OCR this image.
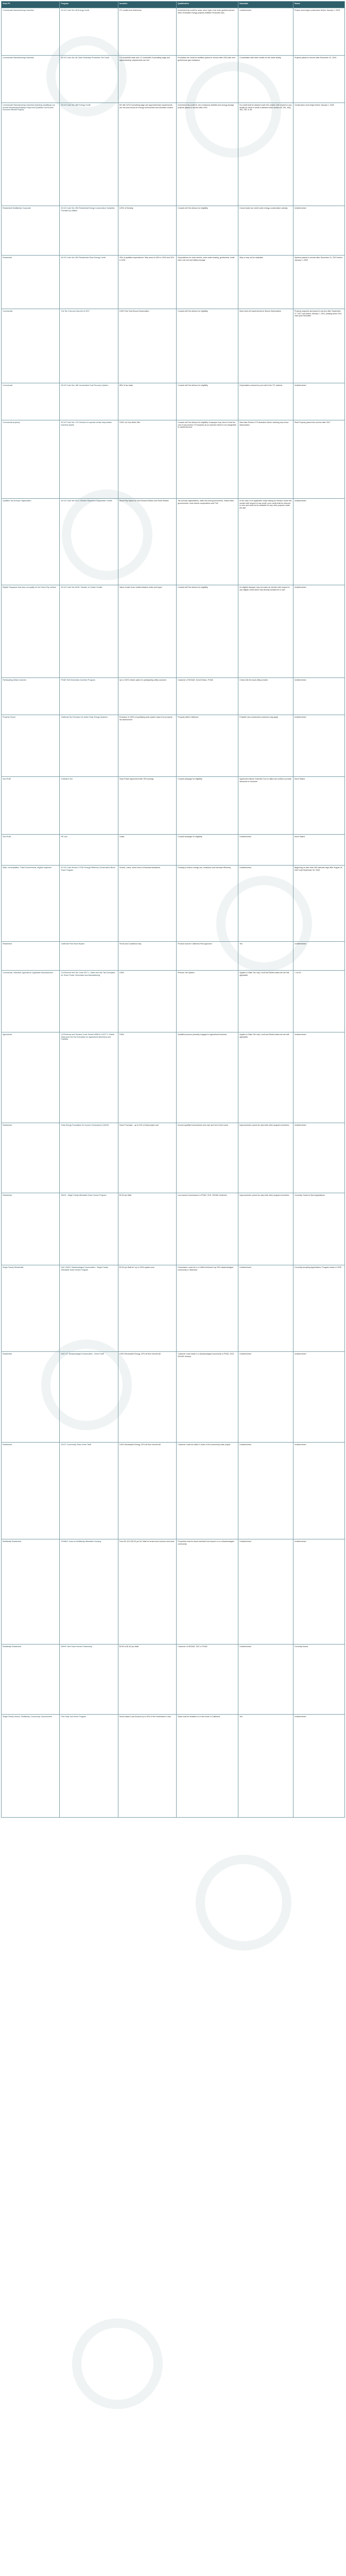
Solar PV	Program	Incentive	Qualification	Stackable	Status
Commercial/ Manufacturing/ Industrial	26 US Code Sec 48 Energy Credit	ITC credits from federal tax	Investment tax credit for solar, wind, hydro, fuel cells, geothermal and other renewable energy projects (Inflation Reduction Act)	Undetermined	Project must begin construction before January 1, 2025
Commercial/ Manufacturing/ Industrial	26 US Code Sec 48 Clean Electricity Production Tax Credit	2.5 cents/kWh base and 1.2 cents/kWh if prevailing wage and apprenticeship requirements are met	Production tax credit for facilities placed in service after 2024 with zero greenhouse gas emissions	Coordination with other credits for the same facility	Projects placed in service after December 31, 2024
Commercial/ Manufacturing/ Industrial (Including Qualifying Low Income Residential Building Project and Qualified Low Income Economic Benefit Project)	26 US Code Sec 48E Energy Credit	6% with 24% if prevailing wage and apprenticeship requirements are met plus bonus for energy communities and domestic content	Investment tax credit for zero-emissions facilities and energy storage projects placed in service after 2024	No credit shall be allowed under this section with respect to any facility for which a credit is allowed under section 45, 45J, 45Q, 45U, 45Y or 48	Construction must begin before January 1, 2025
Residential/ Multifamily/ Corporate	26 US Code Sec 25D Residential Energy Conservation Subsidies Provided by Utilities	100% of Subsidy	Consult with Tax Advisor for eligibility	Cannot claim tax credit under energy conservation subsidy	Undetermined
Residential	26 US Code Sec 25D Residential Clean Energy Credit	30% of qualified expenditures. Step down to 26% in 2033 and 22% in 2034	Expenditures for solar electric, solar water heating, geothermal, small wind, fuel cell and battery storage	May or may not be stackable	Systems placed in service after December 31, 2021 before January 1, 2035
Commercial	The Tax Cuts and Jobs Act of 2017	100% First Year Bonus Depreciation	Consult with Tax Advisor for eligibility	Must meet all requirements for Bonus Depreciation	Property acquired and placed in service after September 27, 2017 and before January 1, 2023, phasing down 20% each year thereafter
Commercial	26 US Code Sec 168: Accelerated Cost Recovery System	85% of tax basis	Consult with Tax Advisor for eligibility	Depreciation reduced by one-half of the ITC claimed	Undetermined
Commercial property	26 US Code Sec 179: Election to expense certain depreciable business assets	100% 1st Year Write-Offs	Consult with Tax Advisor for eligibility. A taxpayer may elect to treat the cost of any section 179 property as an expense which is not chargeable to capital account	Must take Section 179 deduction before claiming any bonus depreciation	Real Property placed into service after 2017
Qualified Tax-Exempt Organization	26 US Code Sec 6417: Elective Payment of Applicable Credits	Direct Pay Option for Tax-Exempt Entities and Public Bodies	Tax-exempt organizations, state and local governments, Indian tribal governments, rural electric cooperatives and TVA	In the case of an applicable entity making an election under this section with respect to any credit, such credit shall be reduced to zero and shall not be available for any other purpose under this title	Undetermined
Eligible Taxpayers that does not qualify for the Direct Pay method	26 US Code Sec 6418: Transfer of Certain Credits	Value of sale of tax credits between seller and buyer	Consult with Tax Advisor for eligibility	An eligible taxpayer may not make an election with respect to any eligible credit which was already transferred or sold	Undetermined
Participating Utility Customer	PG&E Self-Generation Incentive Program	Up to 100% rebate option for participating utility customer	Customer of SDG&E, SoCal Edison, PG&E	Check with the local utility provider	Undetermined
Property Owner	California Tax Exclusion for Active Solar Energy Systems	Exclusion of 100% of qualifying solar system value from property tax assessment	Property within California	Possible new construction exclusion may apply	Undetermined
Non-Profit	Collective Sun	Solar Power Agreement with 15% savings	Consult webpage for eligibility	Agreement allows Collective Sun to utilize tax credits to provide discounts to customer	None Stated
Non-Profit	RE-volv	Lease	Consult webpage for eligibility	Undetermined	None Stated
State, municipalities, Tribal Governments, eligible recipients	42 US Code Section 17155: Energy Efficiency Conservation Block Grant Program	Grants, Loans, some forms of financial assistance	Funding to reduce energy use, emissions and increase efficiency	Undetermined	Beginning no later than 180 calendar days after August 16, 2022 until September 30, 2026
Residential	California First Home Buyers	Terms and Conditions Vary	Product must be California First approved	Yes	Undetermined
Commercial, Industrial, Agricultural, Applicable Manufacturers	CA Revenue and Tax Code 6377.1: Sales and Use Tax Exemption for Green Power Generation and Manufacturing	100%	Pheonix Tax System	Applies to State Tax only. Local and District sales tax are still applicable	1 Jul 30
Agricultural	CA Revenue and Taxation Code Section 6356.5 & 6377.1: Partial Sales and Use Tax Exemption for Agricultural Machinery and Facilities	100%	Qualified persons primarily engaged in agricultural business	Applies to State Tax only. Local and District sales tax are still applicable	Undetermined
Residential	Solar Energy Foundation for Income Homeowners (SASH)	Home Purchase - up to 10% of total project cost	Income-qualified homeowners who own and live in their home	Improvements cannot be used with other program incentives	Undetermined
Residential	SASH - Single Family Affordable Solar Homes Program	$3.00 per Watt	Low-income homeowners in PG&E, SCE, SDG&E territories	Improvements cannot be used with other program incentives	Currently Closed to New Applications
Single Family Residential	DAC-SASH: Disadvantaged Communities - Single-Family Affordable Solar Homes Program	$3.00 per Watt AC up to 100% system size	Homeowner must live in a CalEnviroScreen top 25% disadvantaged community or tribal land	Undetermined	Currently Accepting Applications, Program closes in 2030
Residential	DAC-GT: Disadvantaged Communities - Green Tariff	100% Renewable Energy, 20% off their electric bill	Customer must reside in a disadvantaged community in PG&E, SCE, SDG&E territory	Undetermined	Undetermined
Residential	SCGT: Community Solar Green Tariff	100% Renewable Energy, 20% off their electric bill	Customer must live within 5 miles of the community solar project	Undetermined	Undetermined
Multifamily Residential	SOMAH: Solar on Multifamily Affordable Housing	From $1.10 to $3.20 per AC Watt for tenant and common area load	Properties must be deed-restricted low-income or in a disadvantaged community	Undetermined	Undetermined
Multifamily Residential	NSHP: New Solar Homes Partnership	$0.60 to $1.60 per Watt	Customer of SDG&E, SCE or PG&E	Undetermined	Currently closed
Single Family Homes, Multifamily, Community, Homeowners	First Solar and Home Program	Home-based Loan Amount up to 20% of the homeowner's loan	Solar must be installed on a new home in California	Yes	Undetermined
